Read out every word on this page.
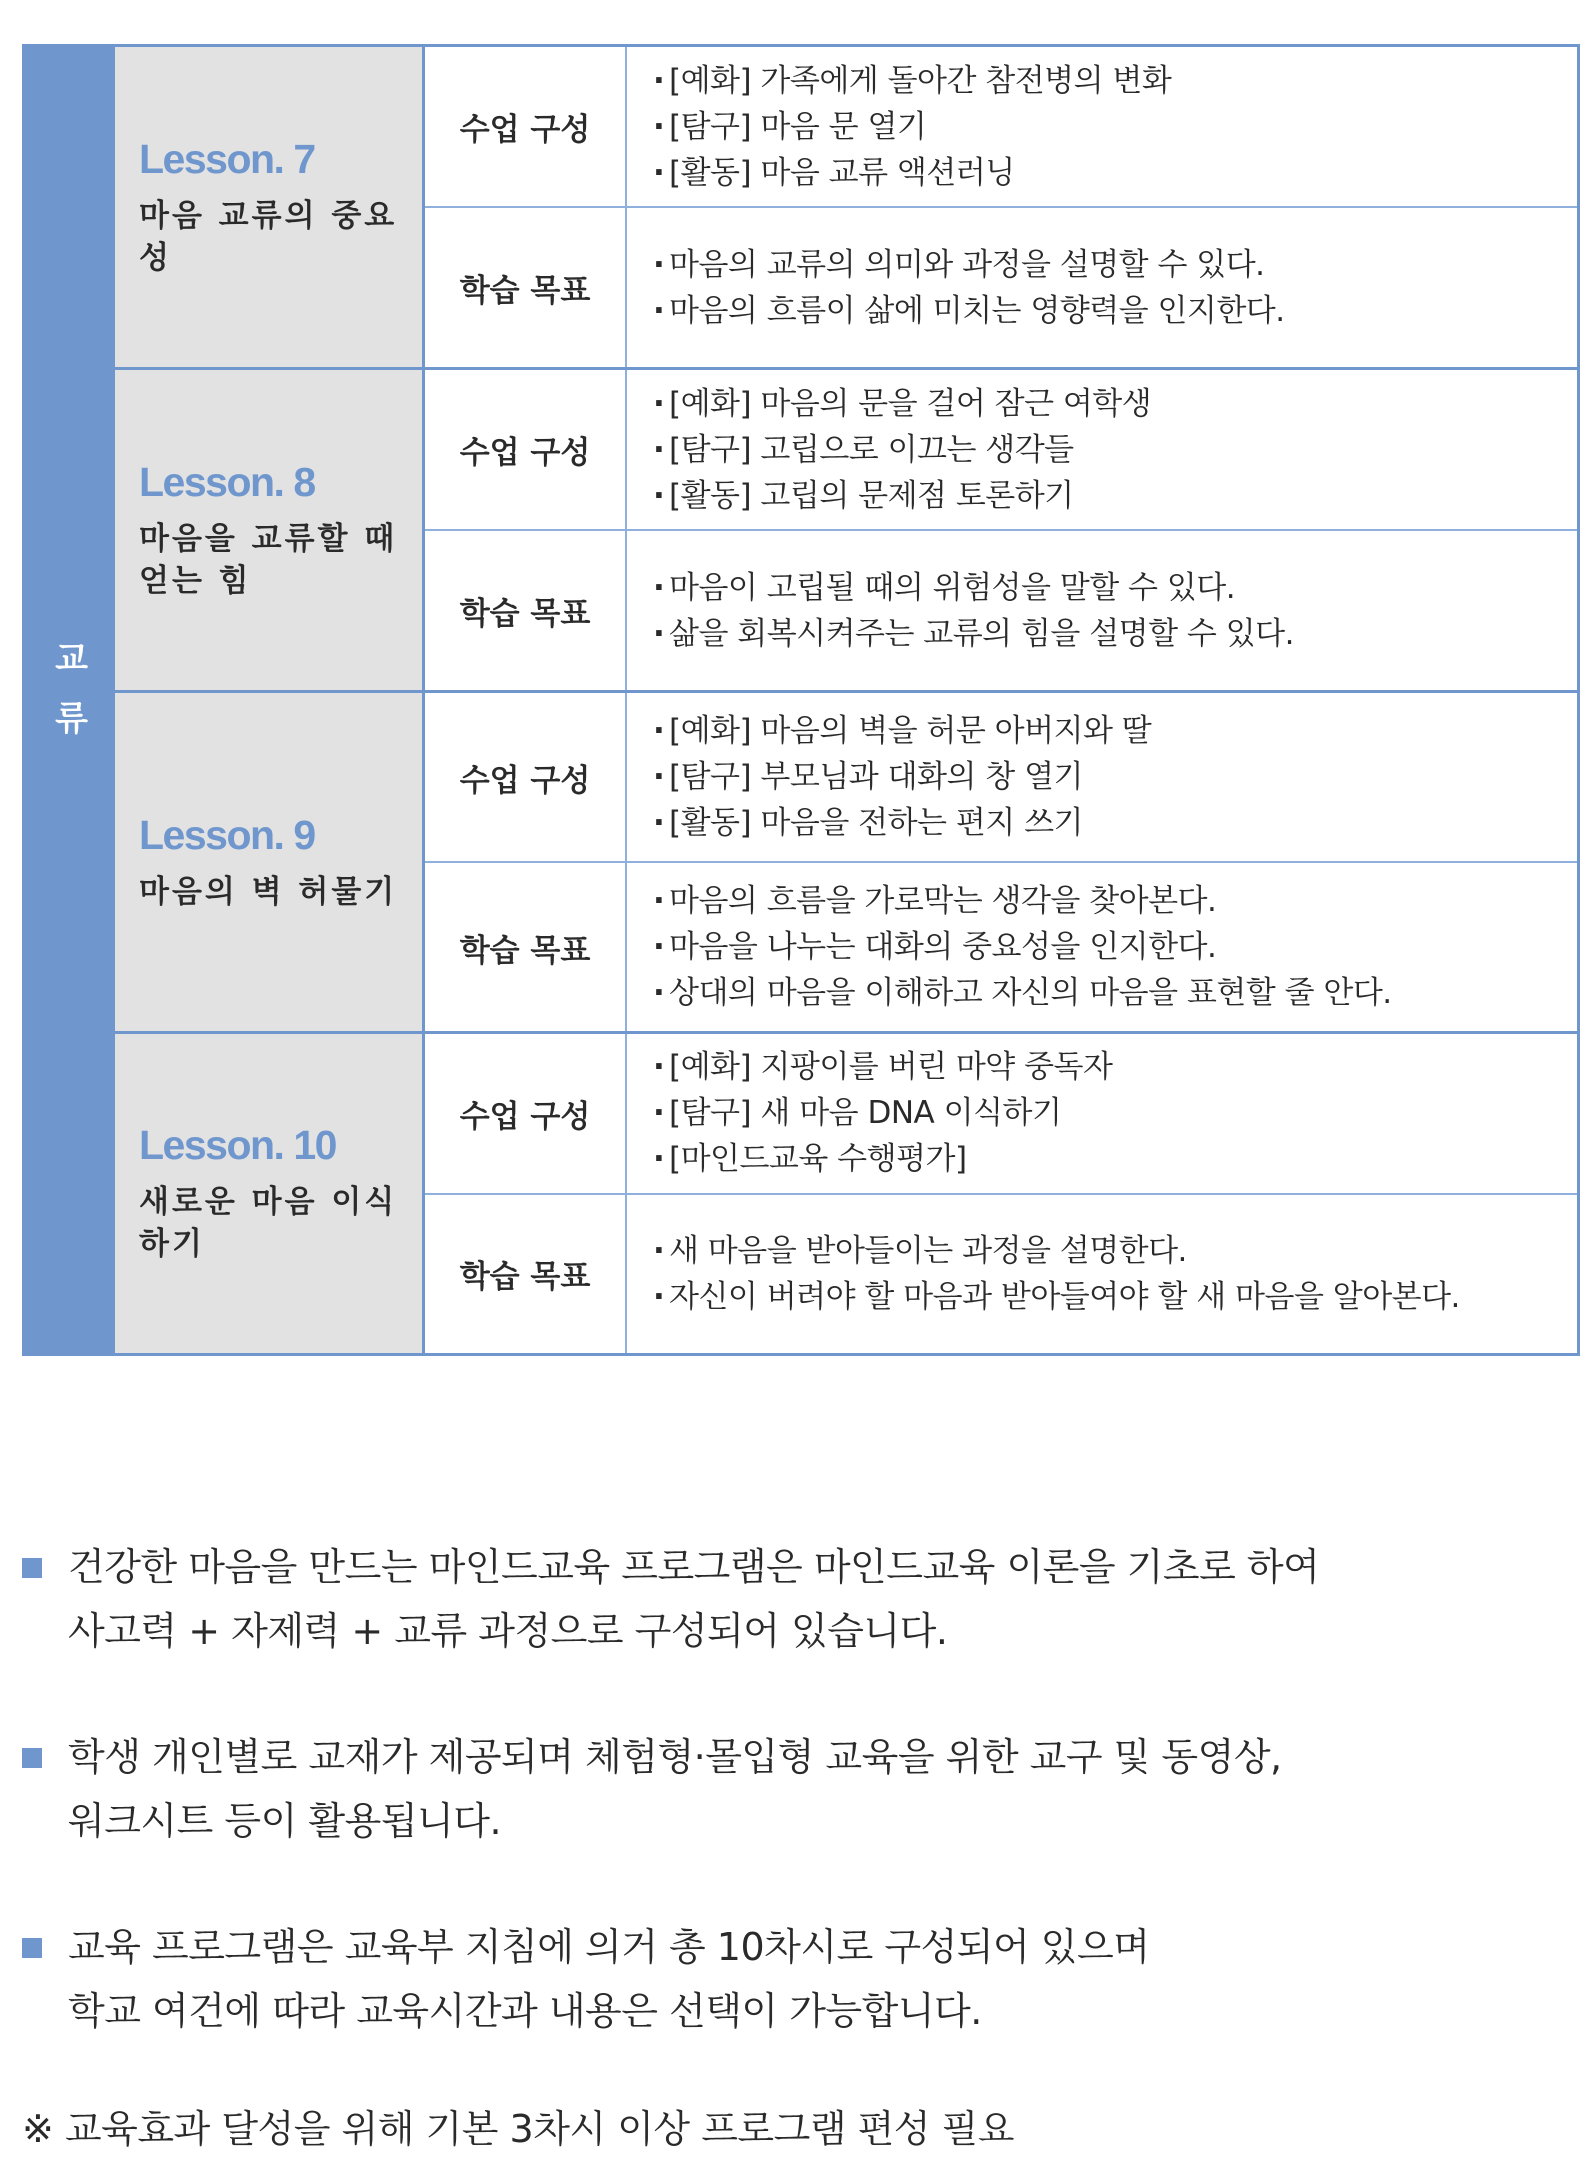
교류
Lesson. 7
마음 교류의 중요성
수업 구성
· [예화] 가족에게 돌아간 참전병의 변화
· [탐구] 마음 문 열기
· [활동] 마음 교류 액션러닝
학습 목표
· 마음의 교류의 의미와 과정을 설명할 수 있다.
· 마음의 흐름이 삶에 미치는 영향력을 인지한다.
Lesson. 8
마음을 교류할 때 얻는 힘
수업 구성
· [예화] 마음의 문을 걸어 잠근 여학생
· [탐구] 고립으로 이끄는 생각들
· [활동] 고립의 문제점 토론하기
학습 목표
· 마음이 고립될 때의 위험성을 말할 수 있다.
· 삶을 회복시켜주는 교류의 힘을 설명할 수 있다.
Lesson. 9
마음의 벽 허물기
수업 구성
· [예화] 마음의 벽을 허문 아버지와 딸
· [탐구] 부모님과 대화의 창 열기
· [활동] 마음을 전하는 편지 쓰기
학습 목표
· 마음의 흐름을 가로막는 생각을 찾아본다.
· 마음을 나누는 대화의 중요성을 인지한다.
· 상대의 마음을 이해하고 자신의 마음을 표현할 줄 안다.
Lesson. 10
새로운 마음 이식하기
수업 구성
· [예화] 지팡이를 버린 마약 중독자
· [탐구] 새 마음 DNA 이식하기
· [마인드교육 수행평가]
학습 목표
· 새 마음을 받아들이는 과정을 설명한다.
· 자신이 버려야 할 마음과 받아들여야 할 새 마음을 알아본다.
건강한 마음을 만드는 마인드교육 프로그램은 마인드교육 이론을 기초로 하여
사고력 + 자제력 + 교류 과정으로 구성되어 있습니다.
학생 개인별로 교재가 제공되며 체험형·몰입형 교육을 위한 교구 및 동영상,
워크시트 등이 활용됩니다.
교육 프로그램은 교육부 지침에 의거 총 10차시로 구성되어 있으며
학교 여건에 따라 교육시간과 내용은 선택이 가능합니다.
※ 교육효과 달성을 위해 기본 3차시 이상 프로그램 편성 필요
